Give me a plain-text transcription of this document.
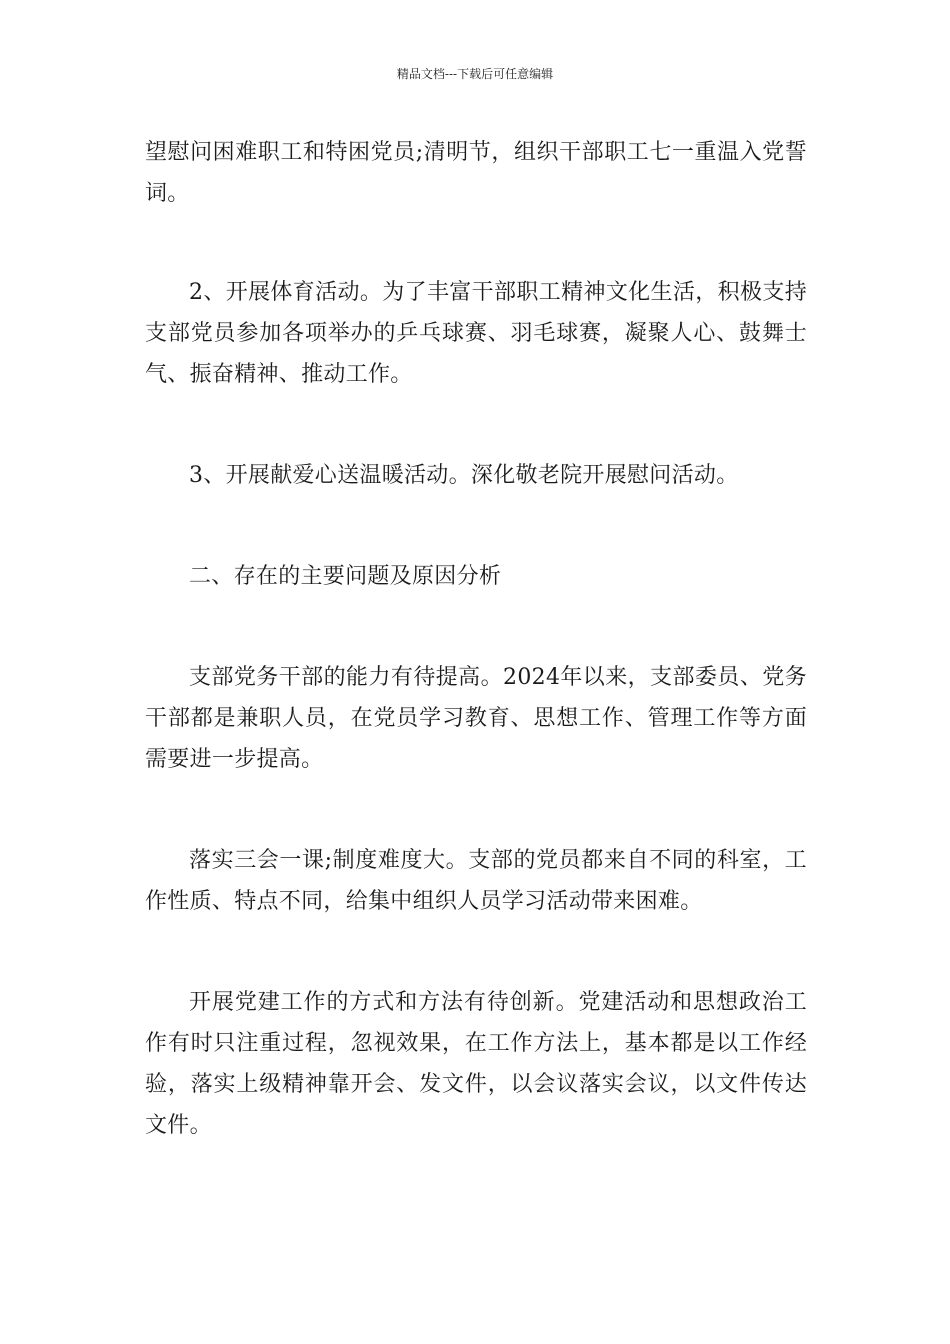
精品文档---下载后可任意编辑

望慰问困难职工和特困党员;清明节，组织干部职工七一重温入党誓词。

2、开展体育活动。为了丰富干部职工精神文化生活，积极支持支部党员参加各项举办的乒乓球赛、羽毛球赛，凝聚人心、鼓舞士气、振奋精神、推动工作。

3、开展献爱心送温暖活动。深化敬老院开展慰问活动。

二、存在的主要问题及原因分析

支部党务干部的能力有待提高。2024年以来，支部委员、党务干部都是兼职人员，在党员学习教育、思想工作、管理工作等方面需要进一步提高。

落实三会一课;制度难度大。支部的党员都来自不同的科室，工作性质、特点不同，给集中组织人员学习活动带来困难。

开展党建工作的方式和方法有待创新。党建活动和思想政治工作有时只注重过程，忽视效果，在工作方法上，基本都是以工作经验，落实上级精神靠开会、发文件，以会议落实会议，以文件传达文件。
